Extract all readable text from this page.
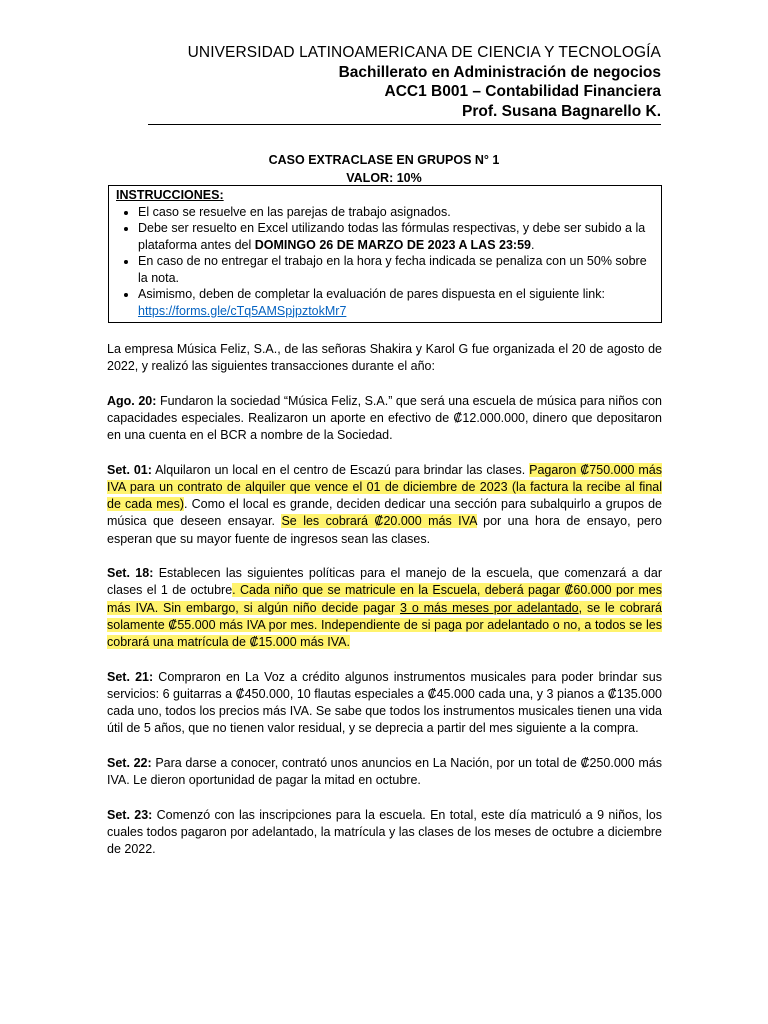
UNIVERSIDAD LATINOAMERICANA DE CIENCIA Y TECNOLOGÍA
Bachillerato en Administración de negocios
ACC1 B001 – Contabilidad Financiera
Prof. Susana Bagnarello K.
CASO EXTRACLASE EN GRUPOS N° 1
VALOR: 10%
INSTRUCCIONES:
• El caso se resuelve en las parejas de trabajo asignados.
• Debe ser resuelto en Excel utilizando todas las fórmulas respectivas, y debe ser subido a la plataforma antes del DOMINGO 26 DE MARZO DE 2023 A LAS 23:59.
• En caso de no entregar el trabajo en la hora y fecha indicada se penaliza con un 50% sobre la nota.
• Asimismo, deben de completar la evaluación de pares dispuesta en el siguiente link:
https://forms.gle/cTq5AMSpjpztokMr7

La empresa Música Feliz, S.A., de las señoras Shakira y Karol G fue organizada el 20 de agosto de 2022, y realizó las siguientes transacciones durante el año:

Ago. 20: Fundaron la sociedad “Música Feliz, S.A.” que será una escuela de música para niños con capacidades especiales. Realizaron un aporte en efectivo de ₡12.000.000, dinero que depositaron en una cuenta en el BCR a nombre de la Sociedad.

Set. 01: Alquilaron un local en el centro de Escazú para brindar las clases. Pagaron ₡750.000 más IVA para un contrato de alquiler que vence el 01 de diciembre de 2023 (la factura la recibe al final de cada mes). Como el local es grande, deciden dedicar una sección para subalquirlo a grupos de música que deseen ensayar. Se les cobrará ₡20.000 más IVA por una hora de ensayo, pero esperan que su mayor fuente de ingresos sean las clases.

Set. 18: Establecen las siguientes políticas para el manejo de la escuela, que comenzará a dar clases el 1 de octubre. Cada niño que se matricule en la Escuela, deberá pagar ₡60.000 por mes más IVA. Sin embargo, si algún niño decide pagar 3 o más meses por adelantado, se le cobrará solamente ₡55.000 más IVA por mes. Independiente de si paga por adelantado o no, a todos se les cobrará una matrícula de ₡15.000 más IVA.

Set. 21: Compraron en La Voz a crédito algunos instrumentos musicales para poder brindar sus servicios: 6 guitarras a ₡450.000, 10 flautas especiales a ₡45.000 cada una, y 3 pianos a ₡135.000 cada uno, todos los precios más IVA. Se sabe que todos los instrumentos musicales tienen una vida útil de 5 años, que no tienen valor residual, y se deprecia a partir del mes siguiente a la compra.

Set. 22: Para darse a conocer, contrató unos anuncios en La Nación, por un total de ₡250.000 más IVA. Le dieron oportunidad de pagar la mitad en octubre.

Set. 23: Comenzó con las inscripciones para la escuela. En total, este día matriculó a 9 niños, los cuales todos pagaron por adelantado, la matrícula y las clases de los meses de octubre a diciembre de 2022.
